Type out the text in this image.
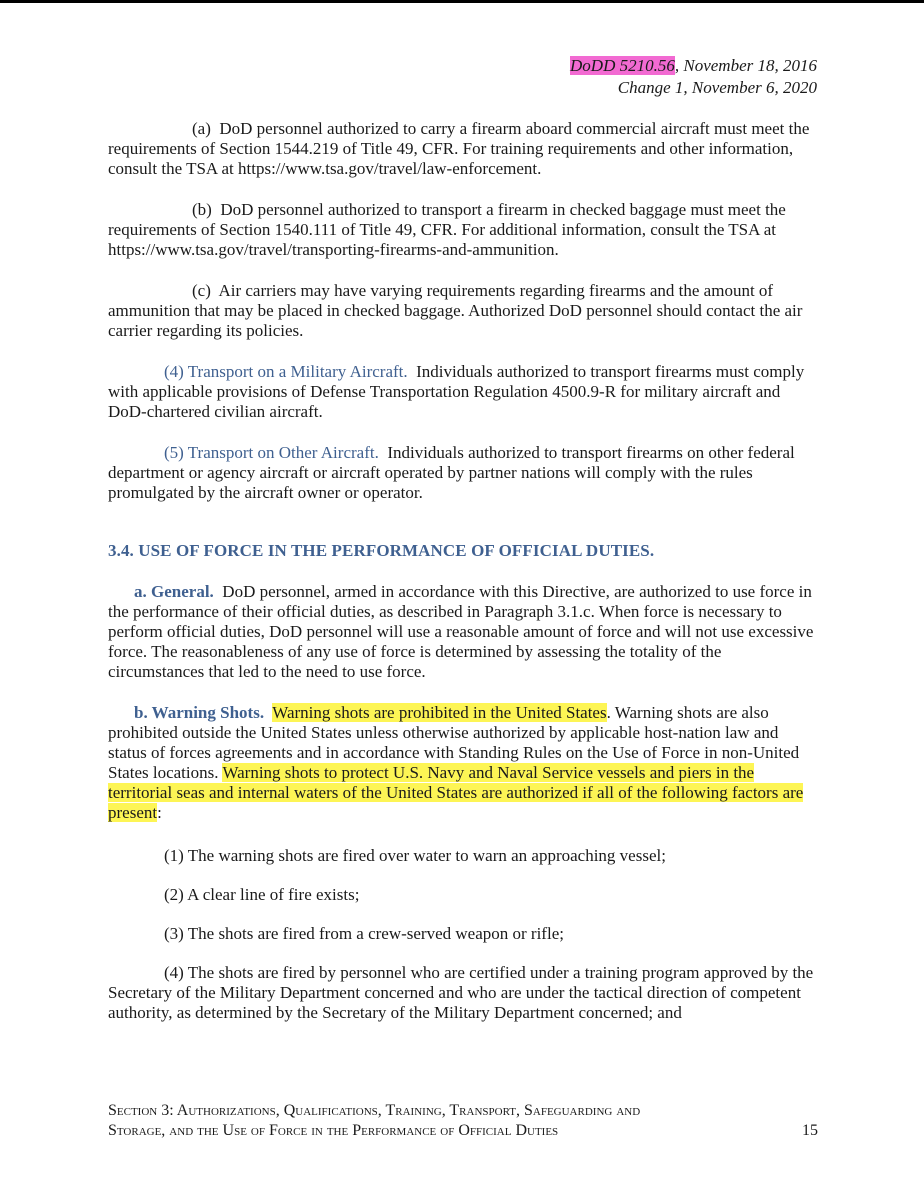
DoDD 5210.56, November 18, 2016
Change 1, November 6, 2020

(a) DoD personnel authorized to carry a firearm aboard commercial aircraft must meet the requirements of Section 1544.219 of Title 49, CFR. For training requirements and other information, consult the TSA at https://www.tsa.gov/travel/law-enforcement.

(b) DoD personnel authorized to transport a firearm in checked baggage must meet the requirements of Section 1540.111 of Title 49, CFR. For additional information, consult the TSA at https://www.tsa.gov/travel/transporting-firearms-and-ammunition.

(c) Air carriers may have varying requirements regarding firearms and the amount of ammunition that may be placed in checked baggage. Authorized DoD personnel should contact the air carrier regarding its policies.

(4) Transport on a Military Aircraft. Individuals authorized to transport firearms must comply with applicable provisions of Defense Transportation Regulation 4500.9-R for military aircraft and DoD-chartered civilian aircraft.

(5) Transport on Other Aircraft. Individuals authorized to transport firearms on other federal department or agency aircraft or aircraft operated by partner nations will comply with the rules promulgated by the aircraft owner or operator.

3.4. USE OF FORCE IN THE PERFORMANCE OF OFFICIAL DUTIES.

a. General. DoD personnel, armed in accordance with this Directive, are authorized to use force in the performance of their official duties, as described in Paragraph 3.1.c. When force is necessary to perform official duties, DoD personnel will use a reasonable amount of force and will not use excessive force. The reasonableness of any use of force is determined by assessing the totality of the circumstances that led to the need to use force.

b. Warning Shots. Warning shots are prohibited in the United States. Warning shots are also prohibited outside the United States unless otherwise authorized by applicable host-nation law and status of forces agreements and in accordance with Standing Rules on the Use of Force in non-United States locations. Warning shots to protect U.S. Navy and Naval Service vessels and piers in the territorial seas and internal waters of the United States are authorized if all of the following factors are present:

(1) The warning shots are fired over water to warn an approaching vessel;

(2) A clear line of fire exists;

(3) The shots are fired from a crew-served weapon or rifle;

(4) The shots are fired by personnel who are certified under a training program approved by the Secretary of the Military Department concerned and who are under the tactical direction of competent authority, as determined by the Secretary of the Military Department concerned; and

Section 3: Authorizations, Qualifications, Training, Transport, Safeguarding and
Storage, and the Use of Force in the Performance of Official Duties	15
